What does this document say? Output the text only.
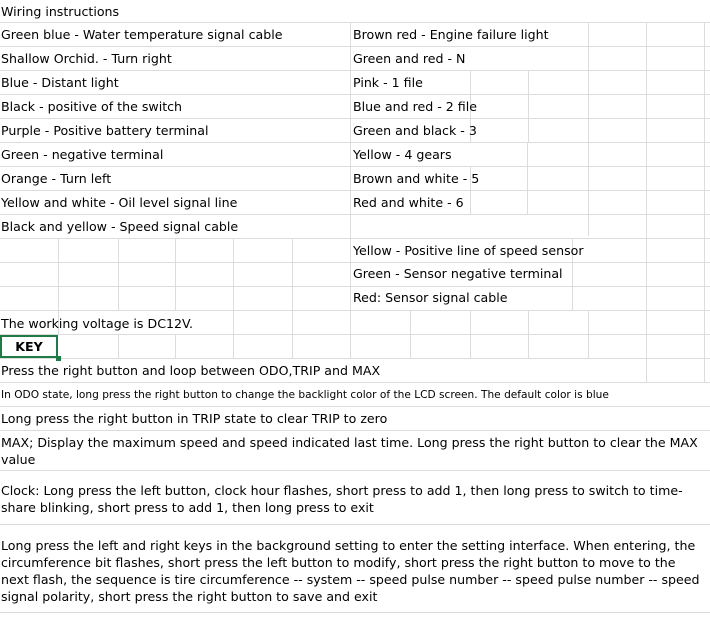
Wiring instructions
Green blue - Water temperature signal cable
Shallow Orchid. - Turn right
Blue - Distant light
Black - positive of the switch
Purple - Positive battery terminal
Green - negative terminal
Orange - Turn left
Yellow and white - Oil level signal line
Black and yellow - Speed signal cable
Brown red - Engine failure light
Green and red - N
Pink - 1 file
Blue and red - 2 file
Green and black - 3
Yellow - 4 gears
Brown and white - 5
Red and white - 6
Yellow - Positive line of speed sensor
Green - Sensor negative terminal
Red: Sensor signal cable
The working voltage is DC12V.
KEY
Press the right button and loop between ODO,TRIP and MAX
In ODO state, long press the right button to change the backlight color of the LCD screen. The default color is blue
Long press the right button in TRIP state to clear TRIP to zero
MAX; Display the maximum speed and speed indicated last time. Long press the right button to clear the MAX value
Clock: Long press the left button, clock hour flashes, short press to add 1, then long press to switch to time-share blinking, short press to add 1, then long press to exit
Long press the left and right keys in the background setting to enter the setting interface. When entering, the circumference bit flashes, short press the left button to modify, short press the right button to move to the next flash, the sequence is tire circumference -- system -- speed pulse number -- speed pulse number -- speed signal polarity, short press the right button to save and exit
